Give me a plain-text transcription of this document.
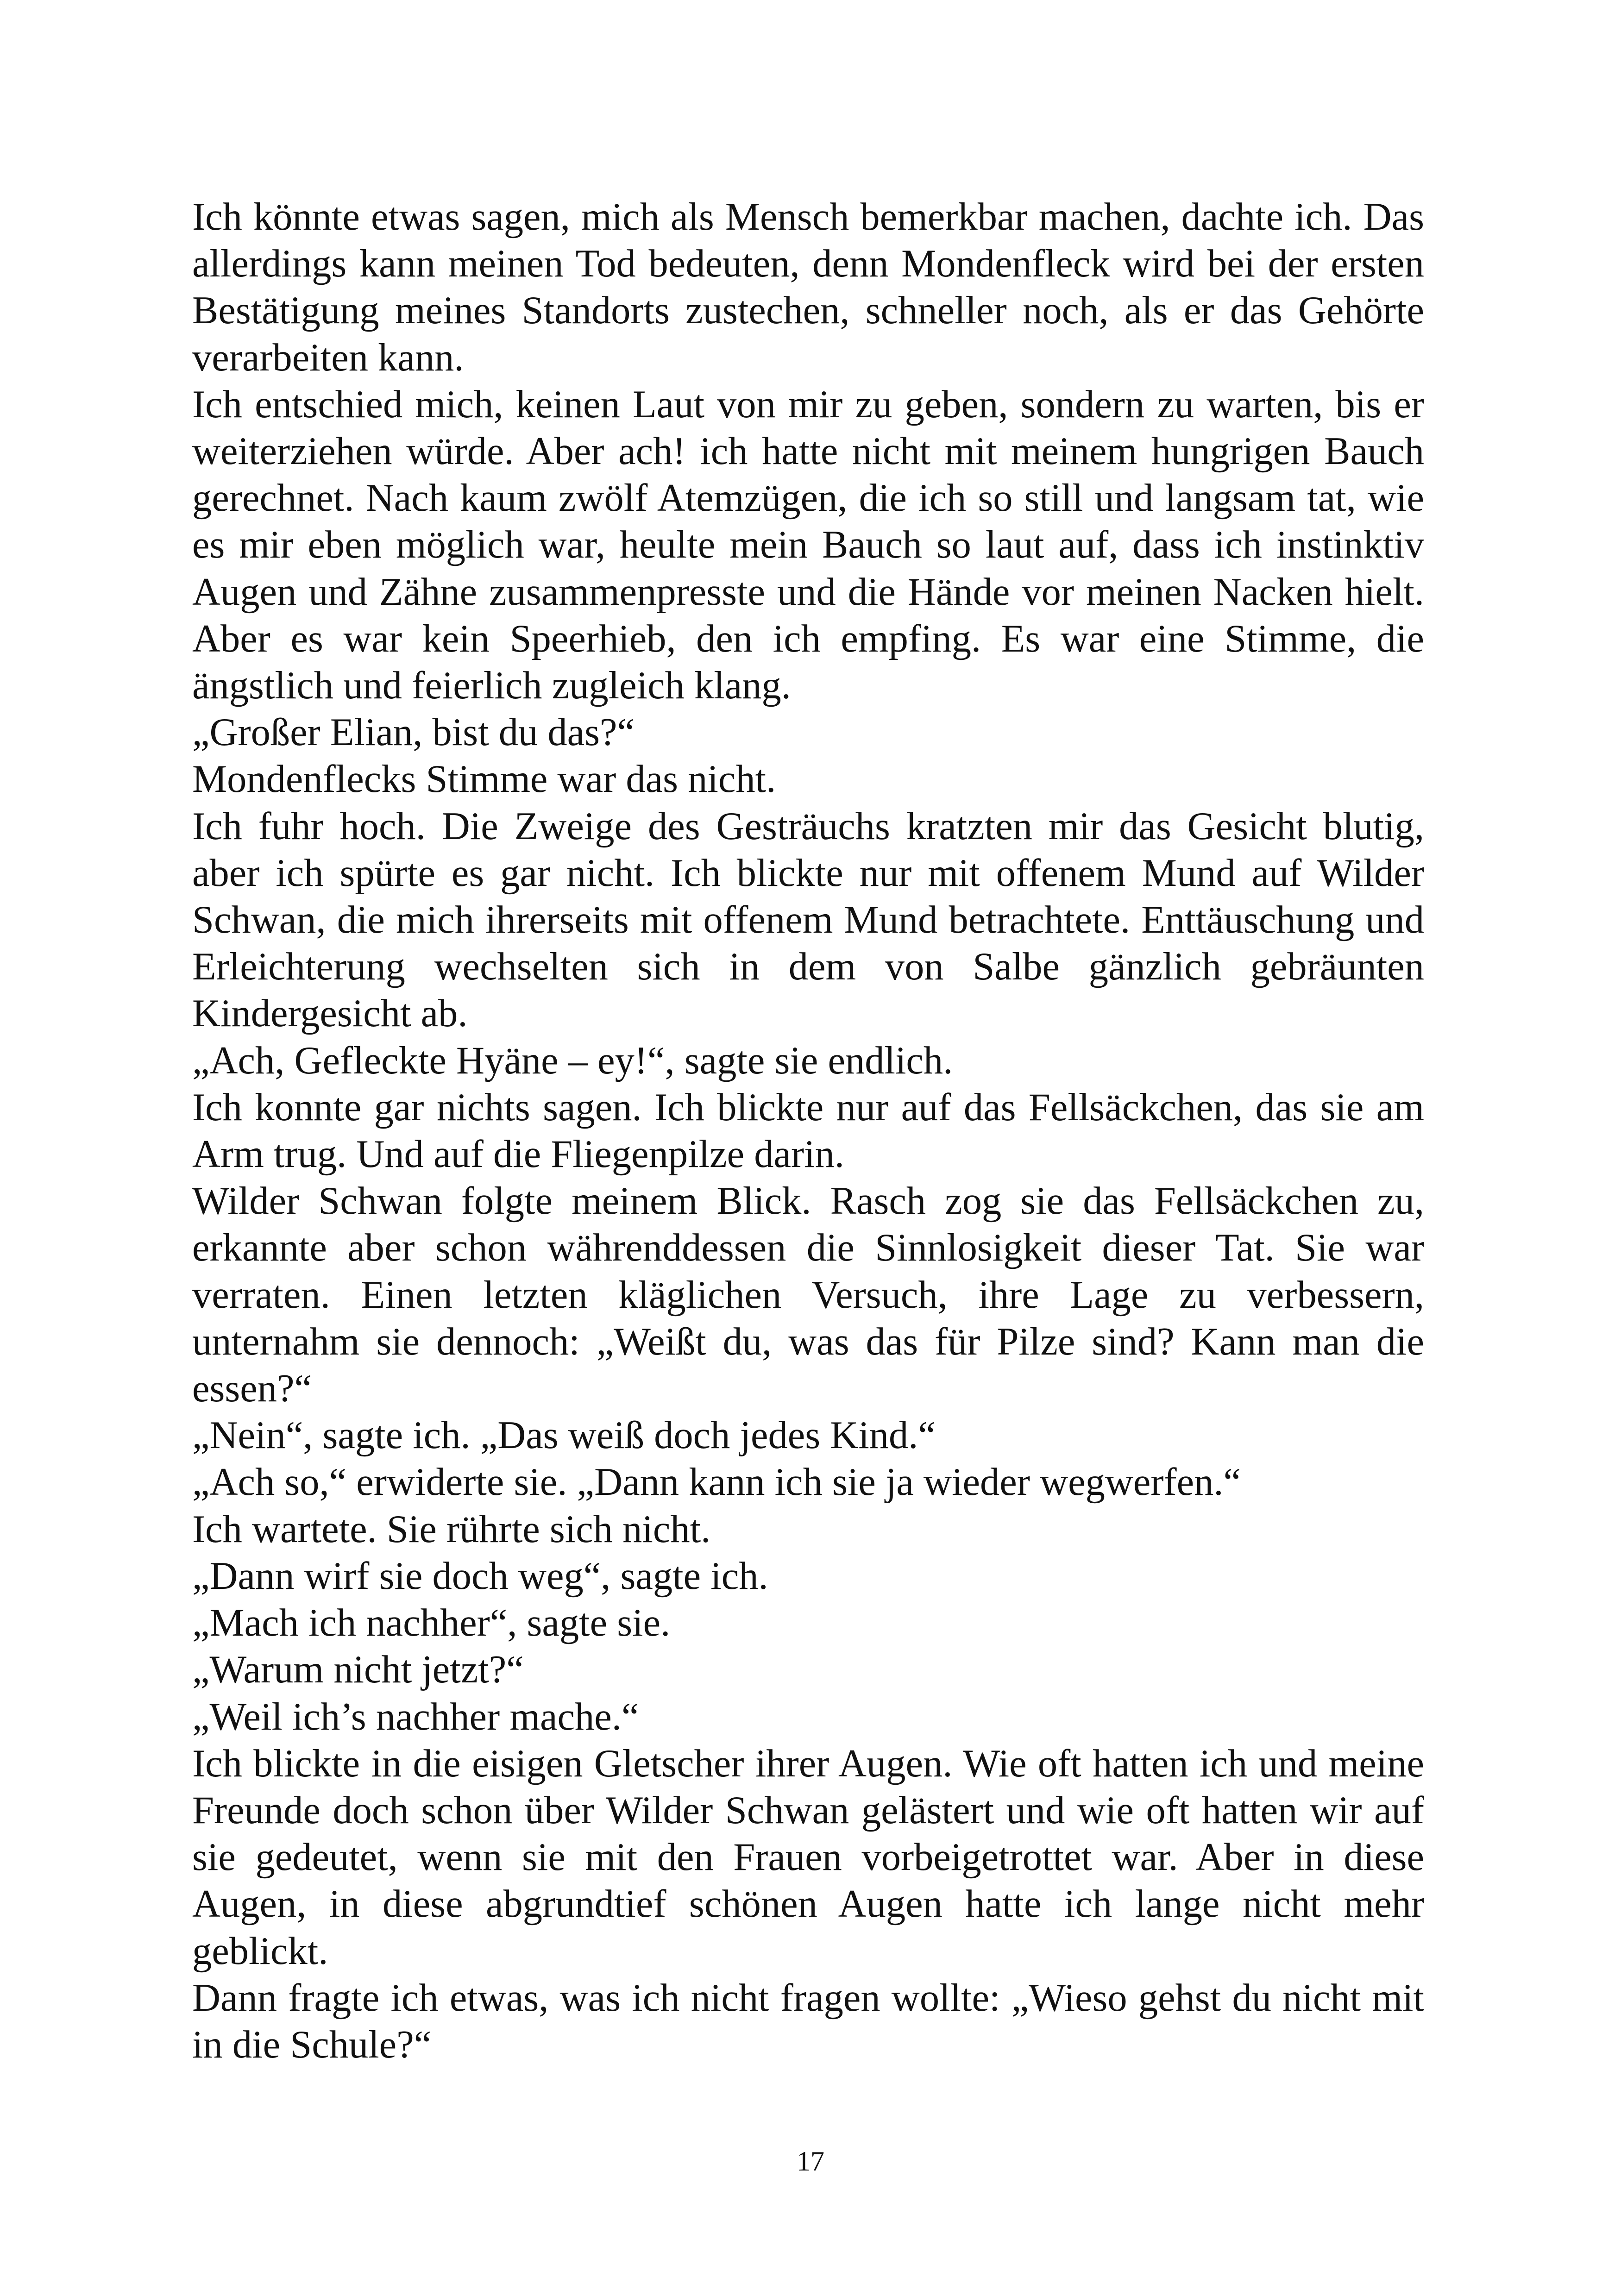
Ich könnte etwas sagen, mich als Mensch bemerkbar machen, dachte ich. Das allerdings kann meinen Tod bedeuten, denn Mondenfleck wird bei der ersten Bestätigung meines Standorts zustechen, schneller noch, als er das Gehörte verarbeiten kann.

Ich entschied mich, keinen Laut von mir zu geben, sondern zu warten, bis er weiterziehen würde. Aber ach! ich hatte nicht mit meinem hungrigen Bauch gerechnet. Nach kaum zwölf Atemzügen, die ich so still und langsam tat, wie es mir eben möglich war, heulte mein Bauch so laut auf, dass ich instinktiv Augen und Zähne zusammenpresste und die Hände vor meinen Nacken hielt. Aber es war kein Speerhieb, den ich empfing. Es war eine Stimme, die ängstlich und feierlich zugleich klang.

„Großer Elian, bist du das?“

Mondenflecks Stimme war das nicht.

Ich fuhr hoch. Die Zweige des Gesträuchs kratzten mir das Gesicht blutig, aber ich spürte es gar nicht. Ich blickte nur mit offenem Mund auf Wilder Schwan, die mich ihrerseits mit offenem Mund betrachtete. Enttäuschung und Erleichterung wechselten sich in dem von Salbe gänzlich gebräunten Kindergesicht ab.

„Ach, Gefleckte Hyäne – ey!“, sagte sie endlich.

Ich konnte gar nichts sagen. Ich blickte nur auf das Fellsäckchen, das sie am Arm trug. Und auf die Fliegenpilze darin.

Wilder Schwan folgte meinem Blick. Rasch zog sie das Fellsäckchen zu, erkannte aber schon währenddessen die Sinnlosigkeit dieser Tat. Sie war verraten. Einen letzten kläglichen Versuch, ihre Lage zu verbessern, unternahm sie dennoch: „Weißt du, was das für Pilze sind? Kann man die essen?“

„Nein“, sagte ich. „Das weiß doch jedes Kind.“

„Ach so,“ erwiderte sie. „Dann kann ich sie ja wieder wegwerfen.“

Ich wartete. Sie rührte sich nicht.

„Dann wirf sie doch weg“, sagte ich.

„Mach ich nachher“, sagte sie.

„Warum nicht jetzt?“

„Weil ich’s nachher mache.“

Ich blickte in die eisigen Gletscher ihrer Augen. Wie oft hatten ich und meine Freunde doch schon über Wilder Schwan gelästert und wie oft hatten wir auf sie gedeutet, wenn sie mit den Frauen vorbeigetrottet war. Aber in diese Augen, in diese abgrundtief schönen Augen hatte ich lange nicht mehr geblickt.

Dann fragte ich etwas, was ich nicht fragen wollte: „Wieso gehst du nicht mit in die Schule?“

17
